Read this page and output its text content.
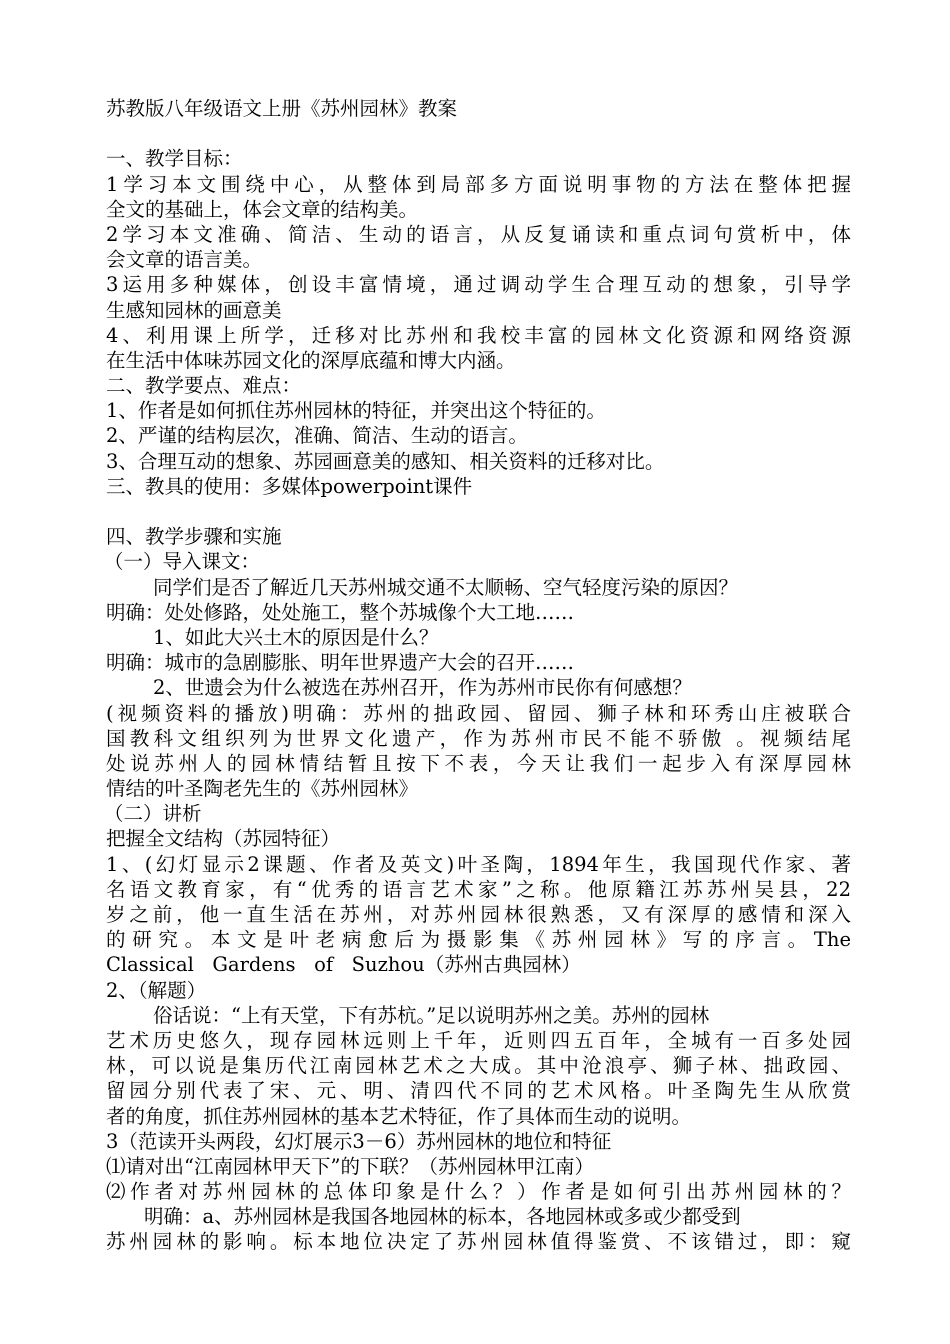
苏教版八年级语文上册《苏州园林》教案
一、教学目标：
1学习本文围绕中心，从整体到局部多方面说明事物的方法在整体把握
全文的基础上，体会文章的结构美。
2学习本文准确、简洁、生动的语言，从反复诵读和重点词句赏析中，体
会文章的语言美。
3运用多种媒体，创设丰富情境，通过调动学生合理互动的想象，引导学
生感知园林的画意美
4、利用课上所学，迁移对比苏州和我校丰富的园林文化资源和网络资源
在生活中体味苏园文化的深厚底蕴和博大内涵。
二、教学要点、难点：
1、作者是如何抓住苏州园林的特征，并突出这个特征的。
2、严谨的结构层次，准确、简洁、生动的语言。
3、合理互动的想象、苏园画意美的感知、相关资料的迁移对比。
三、教具的使用：多媒体powerpoint课件
四、教学步骤和实施
（一）导入课文：
同学们是否了解近几天苏州城交通不太顺畅、空气轻度污染的原因？
明确：处处修路，处处施工，整个苏城像个大工地……
1、如此大兴土木的原因是什么？
明确：城市的急剧膨胀、明年世界遗产大会的召开……
2、世遗会为什么被选在苏州召开，作为苏州市民你有何感想？
(视频资料的播放)明确：苏州的拙政园、留园、狮子林和环秀山庄被联合
国教科文组织列为世界文化遗产，作为苏州市民不能不骄傲 。视频结尾
处说苏州人的园林情结暂且按下不表，今天让我们一起步入有深厚园林
情结的叶圣陶老先生的《苏州园林》
（二）讲析
把握全文结构（苏园特征）
1、(幻灯显示2课题、作者及英文)叶圣陶，1894年生，我国现代作家、著
名语文教育家，有“优秀的语言艺术家”之称。他原籍江苏苏州吴县，22
岁之前，他一直生活在苏州，对苏州园林很熟悉，又有深厚的感情和深入
的研究。本文是叶老病愈后为摄影集《苏州园林》写的序言。The
Classical   Gardens   of   Suzhou（苏州古典园林）
2、（解题）
俗话说：“上有天堂，下有苏杭。”足以说明苏州之美。苏州的园林
艺术历史悠久，现存园林远则上千年，近则四五百年，全城有一百多处园
林，可以说是集历代江南园林艺术之大成。其中沧浪亭、狮子林、拙政园、
留园分别代表了宋、元、明、清四代不同的艺术风格。叶圣陶先生从欣赏
者的角度，抓住苏州园林的基本艺术特征，作了具体而生动的说明。
3（范读开头两段，幻灯展示3－6）苏州园林的地位和特征
⑴请对出“江南园林甲天下”的下联？（苏州园林甲江南）
⑵作者对苏州园林的总体印象是什么？）作者是如何引出苏州园林的？
明确：a、苏州园林是我国各地园林的标本，各地园林或多或少都受到
苏州园林的影响。标本地位决定了苏州园林值得鉴赏、不该错过，即：窥
